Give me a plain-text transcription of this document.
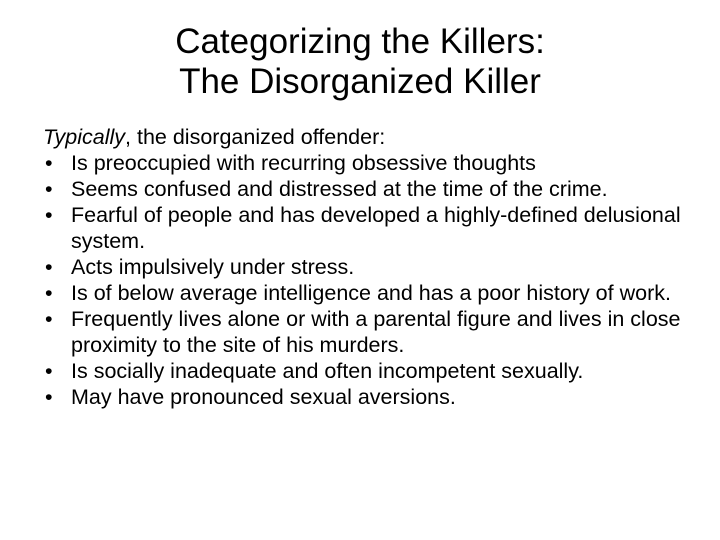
Categorizing the Killers:
The Disorganized Killer
Typically, the disorganized offender:
• Is preoccupied with recurring obsessive thoughts
• Seems confused and distressed at the time of the crime.
• Fearful of people and has developed a highly-defined delusional system.
• Acts impulsively under stress.
• Is of below average intelligence and has a poor history of work.
• Frequently lives alone or with a parental figure and lives in close proximity to the site of his murders.
• Is socially inadequate and often incompetent sexually.
• May have pronounced sexual aversions.
